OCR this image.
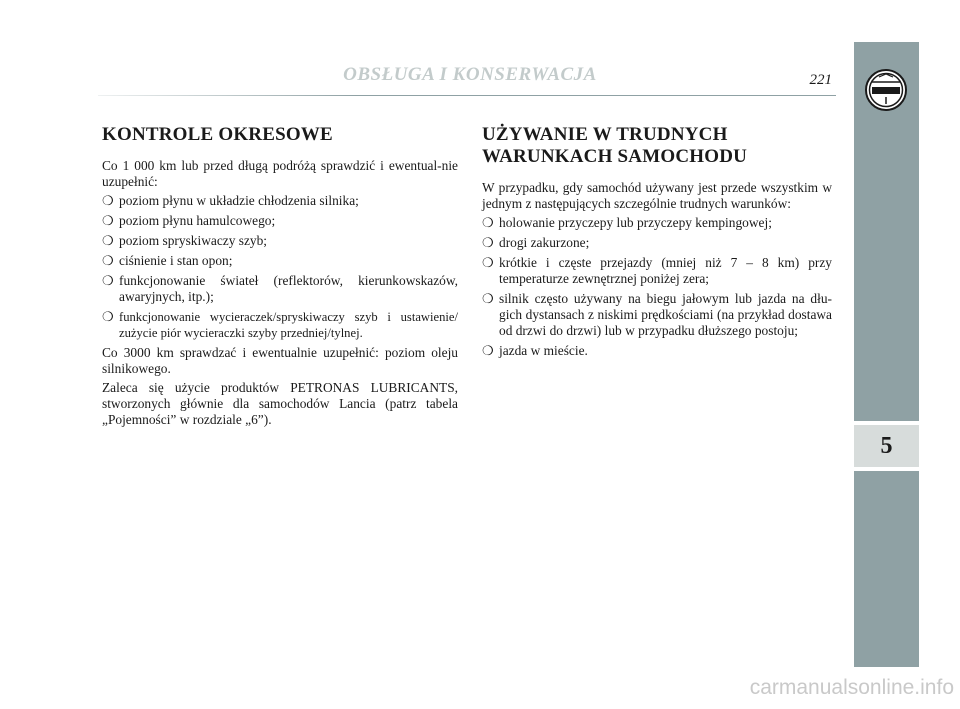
5
OBSŁUGA I KONSERWACJA	221
KONTROLE OKRESOWE

Co 1 000 km lub przed długą podróżą sprawdzić i ewentual-nie uzupełnić:

❍ poziom płynu w układzie chłodzenia silnika;
❍ poziom płynu hamulcowego;
❍ poziom spryskiwaczy szyb;
❍ ciśnienie i stan opon;
❍ funkcjonowanie świateł (reflektorów, kierunkowskazów, awaryjnych, itp.);
❍ funkcjonowanie wycieraczek/spryskiwaczy szyb i ustawienie/ zużycie piór wycieraczki szyby przedniej/tylnej.

Co 3000 km sprawdzać i ewentualnie uzupełnić: poziom oleju silnikowego.

Zaleca się użycie produktów PETRONAS LUBRICANTS, stworzonych głównie dla samochodów Lancia (patrz tabela „Pojemności” w rozdziale „6”).

UŻYWANIE W TRUDNYCH
WARUNKACH SAMOCHODU

W przypadku, gdy samochód używany jest przede wszystkim w jednym z następujących szczególnie trudnych warunków:

❍ holowanie przyczepy lub przyczepy kempingowej;
❍ drogi zakurzone;
❍ krótkie i częste przejazdy (mniej niż 7 – 8 km) przy temperaturze zewnętrznej poniżej zera;
❍ silnik często używany na biegu jałowym lub jazda na dłu-gich dystansach z niskimi prędkościami (na przykład dostawa od drzwi do drzwi) lub w przypadku dłuższego postoju;
❍ jazda w mieście.
carmanualsonline.info
